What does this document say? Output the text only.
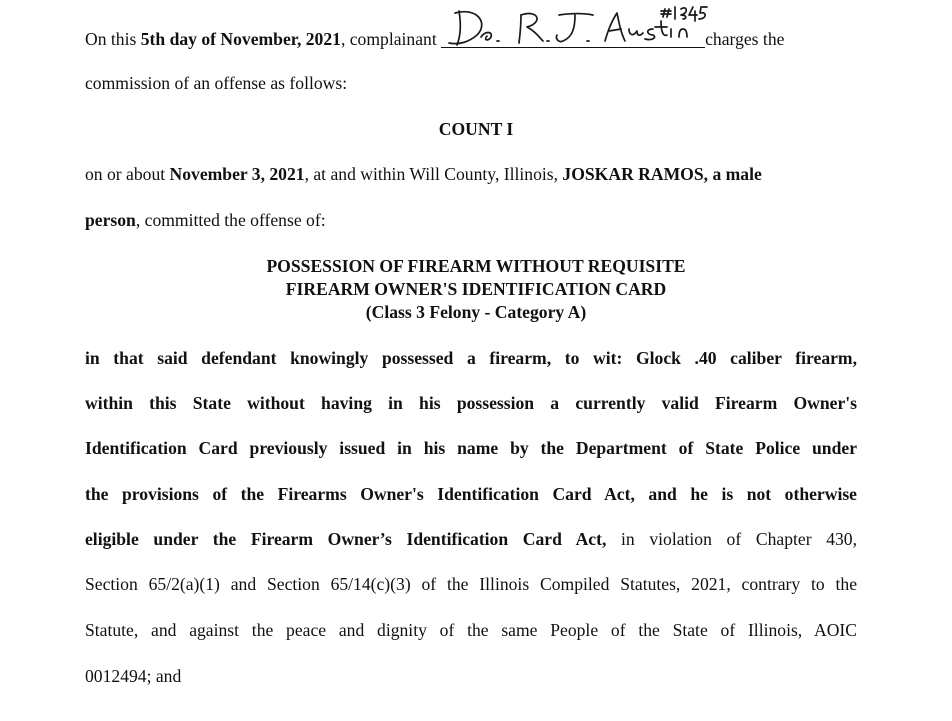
On this 5th day of November, 2021, complainant	charges the
commission of an offense as follows:
COUNT I
on or about November 3, 2021, at and within Will County, Illinois, JOSKAR RAMOS, a male
person, committed the offense of:
POSSESSION OF FIREARM WITHOUT REQUISITE
FIREARM OWNER'S IDENTIFICATION CARD
(Class 3 Felony - Category A)
in that said defendant knowingly possessed a firearm, to wit: Glock .40 caliber firearm,
within this State without having in his possession a currently valid Firearm Owner's
Identification Card previously issued in his name by the Department of State Police under
the provisions of the Firearms Owner's Identification Card Act, and he is not otherwise
eligible under the Firearm Owner’s Identification Card Act, in violation of Chapter 430,
Section 65/2(a)(1) and Section 65/14(c)(3) of the Illinois Compiled Statutes, 2021, contrary to the
Statute, and against the peace and dignity of the same People of the State of Illinois, AOIC
0012494; and
